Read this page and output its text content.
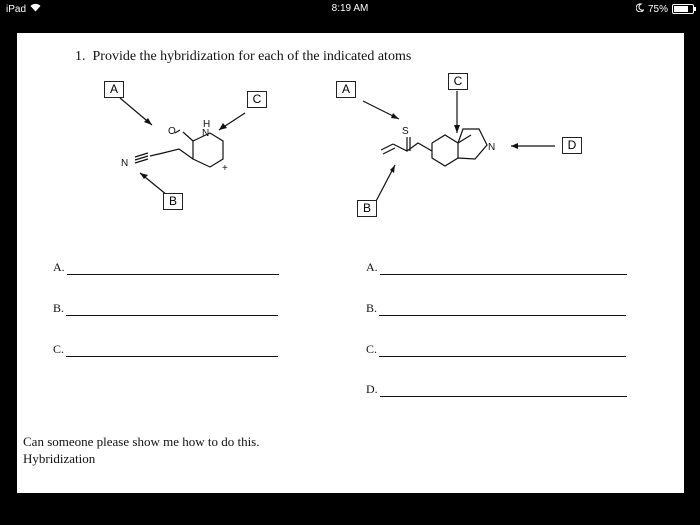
iPad	8:19 AM	75%
1. Provide the hybridization for each of the indicated atoms
O	N
H
N	+
S
N
A
C
B
A
C
D
B
A.
B.
C.
A.
B.
C.
D.
Can someone please show me how to do this.
Hybridization
